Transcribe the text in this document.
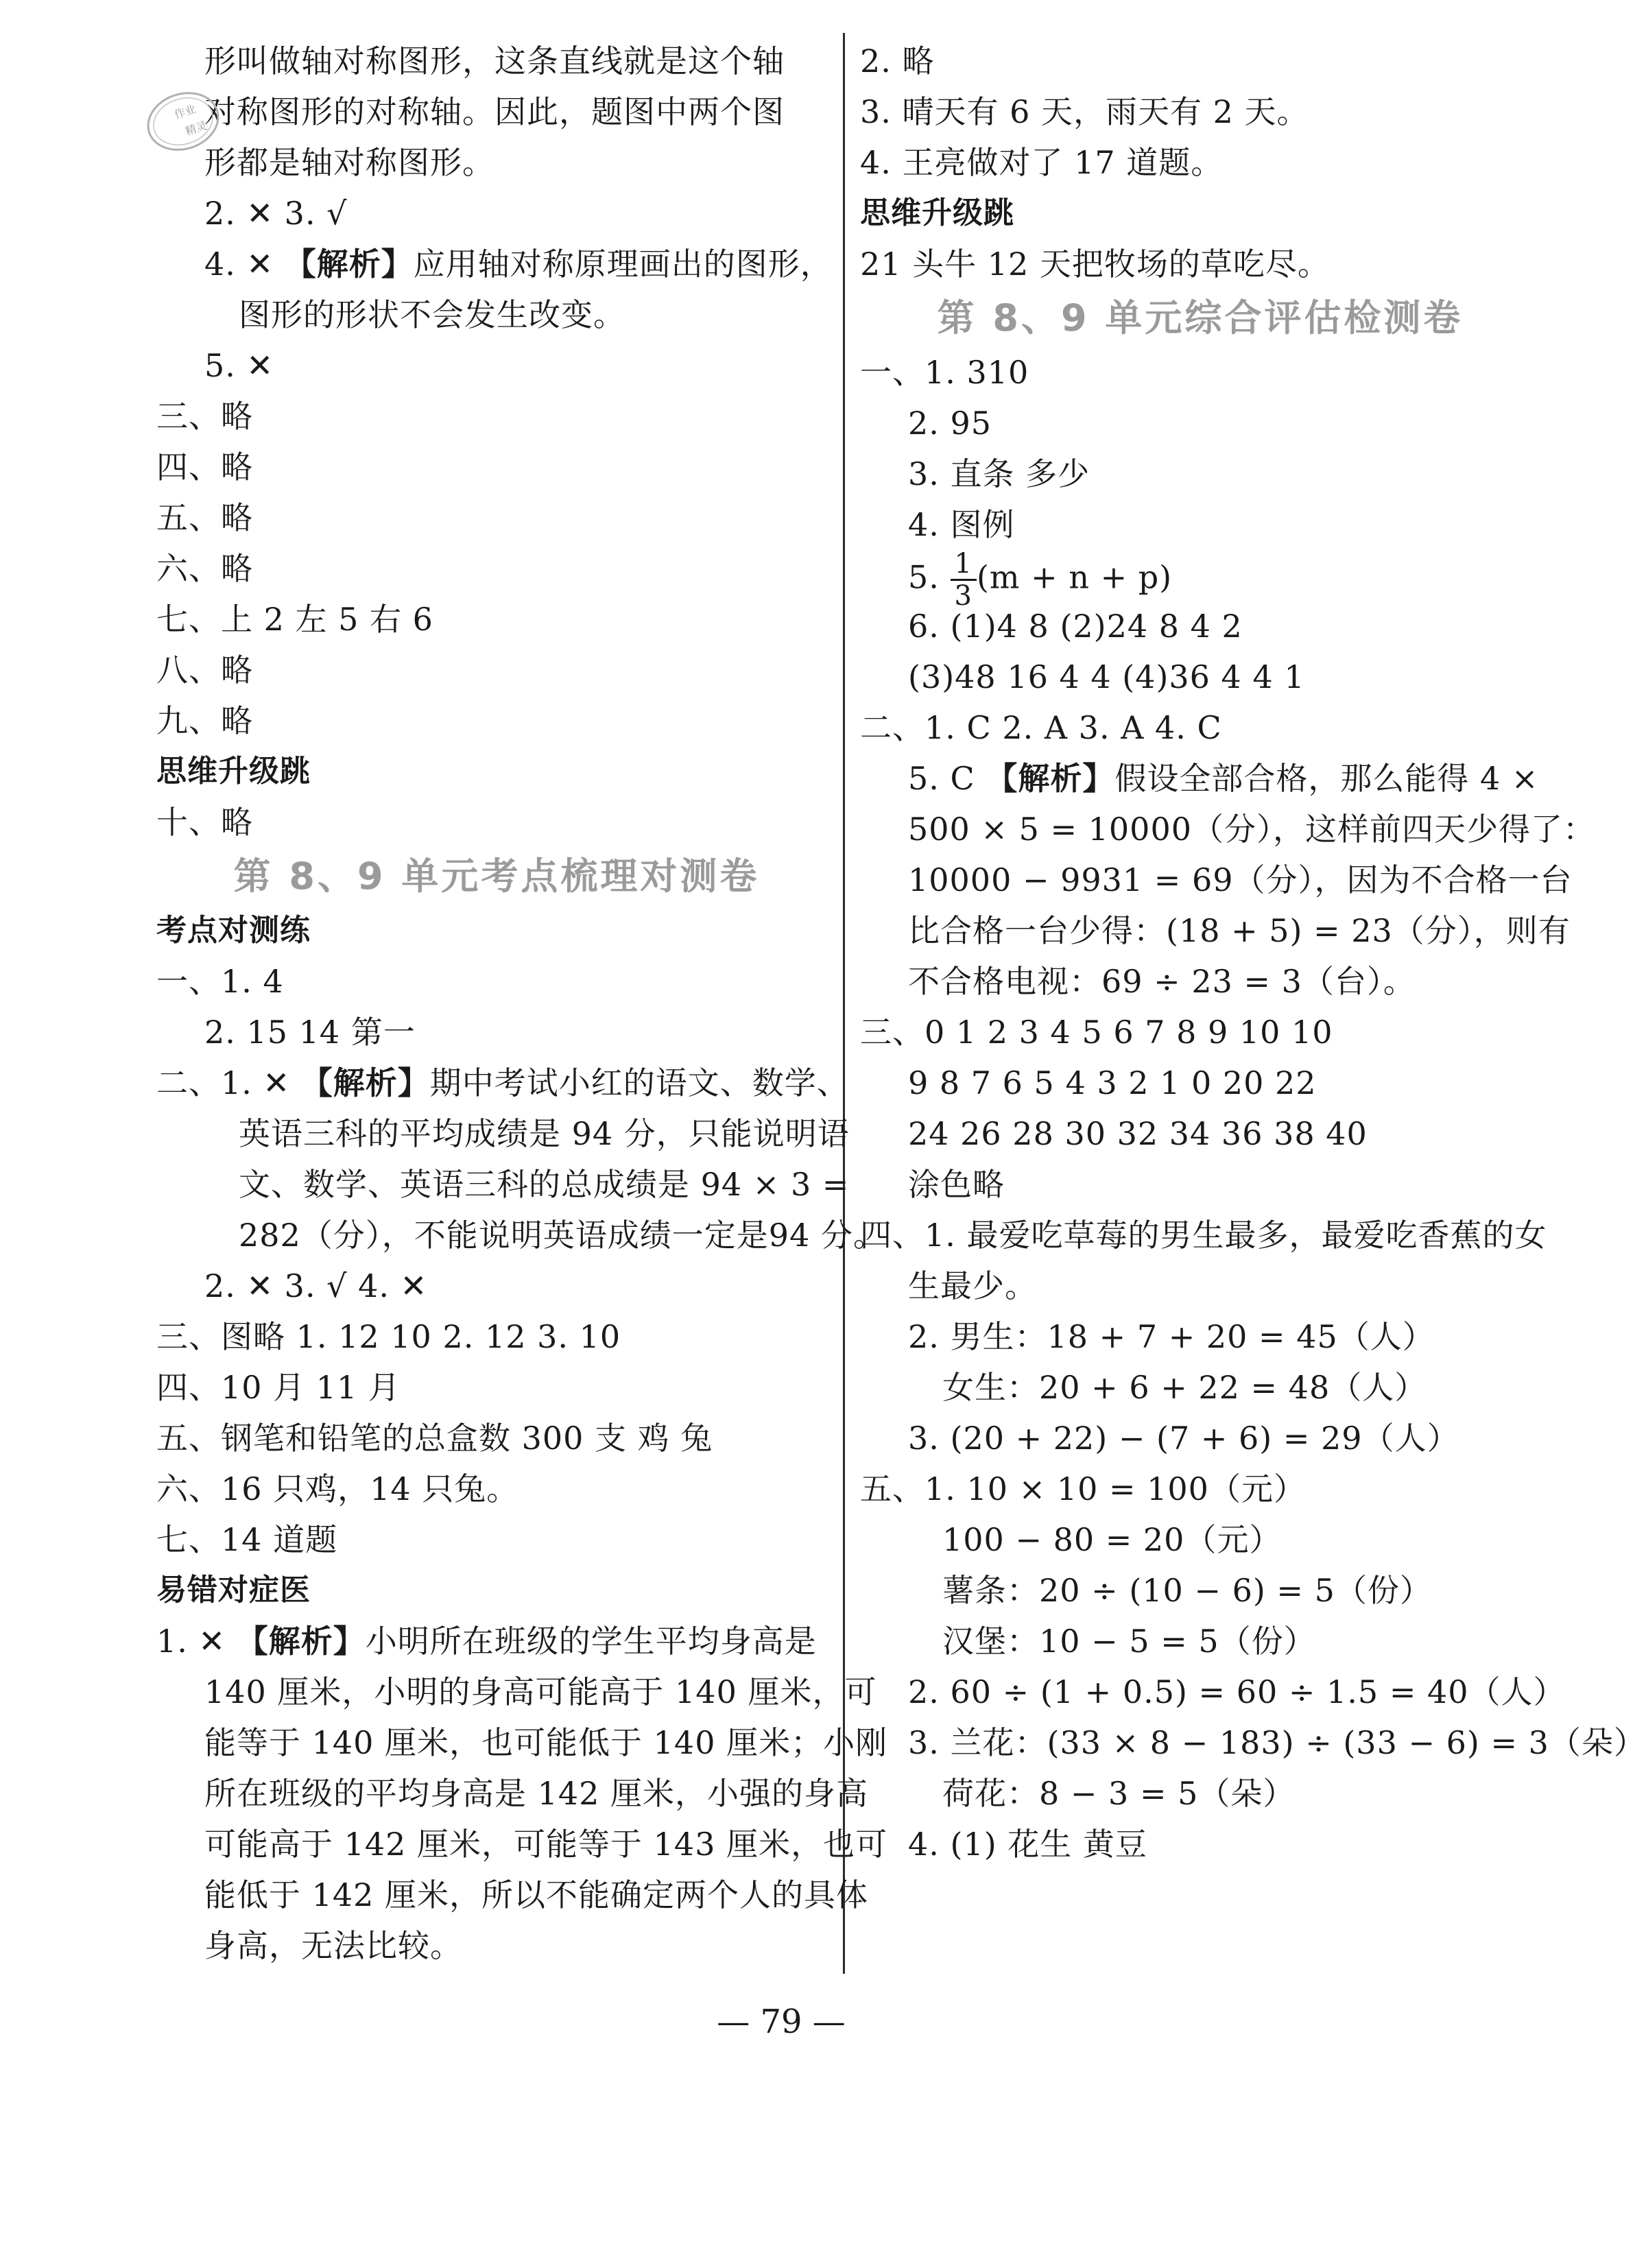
形叫做轴对称图形，这条直线就是这个轴
对称图形的对称轴。因此，题图中两个图
形都是轴对称图形。
2. ✕ 3. √
4. ✕ 【解析】应用轴对称原理画出的图形，
图形的形状不会发生改变。
5. ✕
三、略
四、略
五、略
六、略
七、上 2 左 5 右 6
八、略
九、略
思维升级跳
十、略
第 8、9 单元考点梳理对测卷
考点对测练
一、1. 4
2. 15 14 第一
二、1. ✕ 【解析】期中考试小红的语文、数学、
英语三科的平均成绩是 94 分，只能说明语
文、数学、英语三科的总成绩是 94 × 3 =
282（分），不能说明英语成绩一定是94 分。
2. ✕ 3. √ 4. ✕
三、图略 1. 12 10 2. 12 3. 10
四、10 月 11 月
五、钢笔和铅笔的总盒数 300 支 鸡 兔
六、16 只鸡，14 只兔。
七、14 道题
易错对症医
1. ✕ 【解析】小明所在班级的学生平均身高是
140 厘米，小明的身高可能高于 140 厘米，可
能等于 140 厘米，也可能低于 140 厘米；小刚
所在班级的平均身高是 142 厘米，小强的身高
可能高于 142 厘米，可能等于 143 厘米，也可
能低于 142 厘米，所以不能确定两个人的具体
身高，无法比较。
2. 略
3. 晴天有 6 天，雨天有 2 天。
4. 王亮做对了 17 道题。
思维升级跳
21 头牛 12 天把牧场的草吃尽。
第 8、9 单元综合评估检测卷
一、1. 310
2. 95
3. 直条 多少
4. 图例
5. $\frac{1}{3} (m + n + p)$
6. (1)4 8 (2)24 8 4 2
(3)48 16 4 4 (4)36 4 4 1
二、1. C 2. A 3. A 4. C
5. C 【解析】假设全部合格，那么能得 4 ×
500 × 5 = 10000（分），这样前四天少得了：
10000 − 9931 = 69（分），因为不合格一台
比合格一台少得：(18 + 5) = 23（分），则有
不合格电视：69 ÷ 23 = 3（台）。
三、0 1 2 3 4 5 6 7 8 9 10 10
9 8 7 6 5 4 3 2 1 0 20 22
24 26 28 30 32 34 36 38 40
涂色略
四、1. 最爱吃草莓的男生最多，最爱吃香蕉的女
生最少。
2. 男生：18 + 7 + 20 = 45（人）
女生：20 + 6 + 22 = 48（人）
3. (20 + 22) − (7 + 6) = 29（人）
五、1. 10 × 10 = 100（元）
100 − 80 = 20（元）
薯条：20 ÷ (10 − 6) = 5（份）
汉堡：10 − 5 = 5（份）
2. 60 ÷ (1 + 0.5) = 60 ÷ 1.5 = 40（人）
3. 兰花：(33 × 8 − 183) ÷ (33 − 6) = 3（朵）
荷花：8 − 3 = 5（朵）
4. (1) 花生 黄豆
作业
精灵
— 79 —
